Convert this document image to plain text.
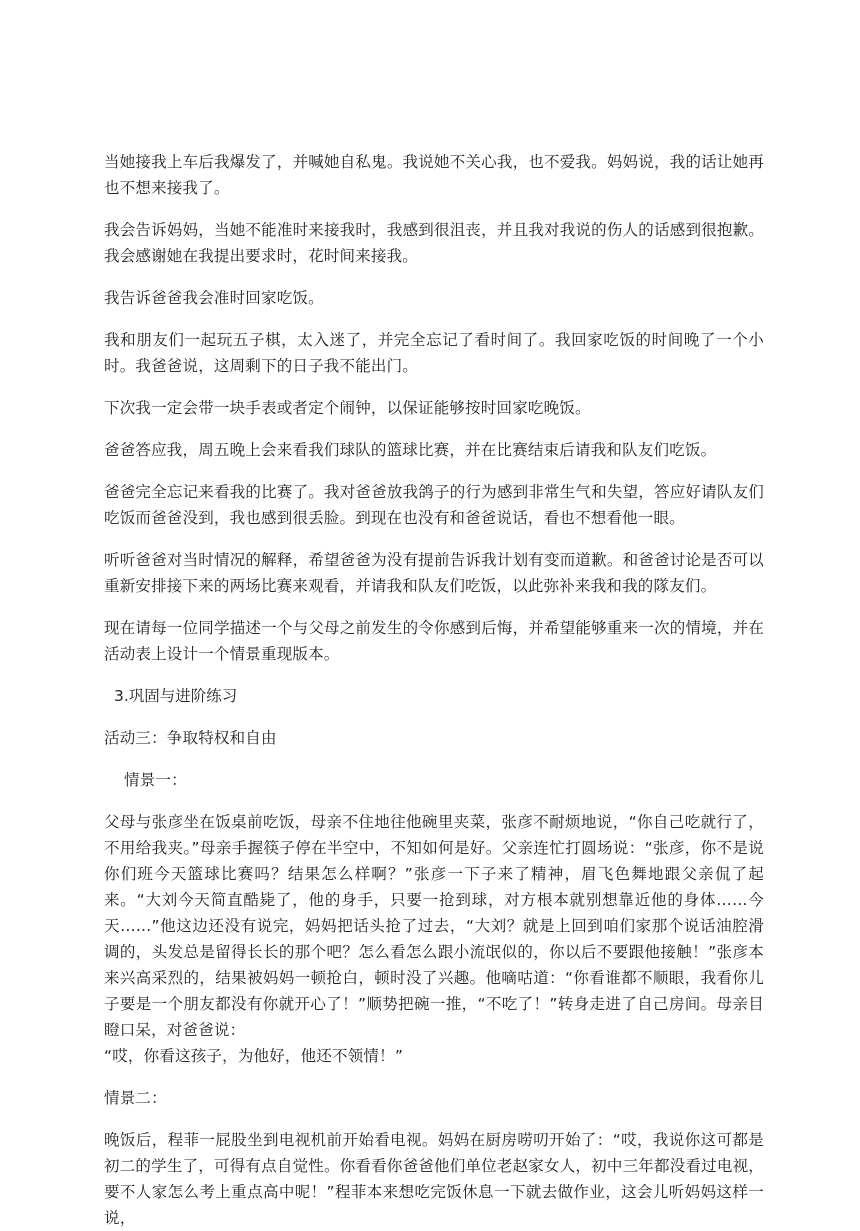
当她接我上车后我爆发了，并喊她自私鬼。我说她不关心我，也不爱我。妈妈说，我的话让她再也不想来接我了。

我会告诉妈妈，当她不能准时来接我时，我感到很沮丧，并且我对我说的伤人的话感到很抱歉。我会感谢她在我提出要求时，花时间来接我。

我告诉爸爸我会准时回家吃饭。

我和朋友们一起玩五子棋，太入迷了，并完全忘记了看时间了。我回家吃饭的时间晚了一个小时。我爸爸说，这周剩下的日子我不能出门。

下次我一定会带一块手表或者定个闹钟，以保证能够按时回家吃晚饭。

爸爸答应我，周五晚上会来看我们球队的篮球比赛，并在比赛结束后请我和队友们吃饭。

爸爸完全忘记来看我的比赛了。我对爸爸放我鸽子的行为感到非常生气和失望，答应好请队友们吃饭而爸爸没到，我也感到很丢脸。到现在也没有和爸爸说话，看也不想看他一眼。

听听爸爸对当时情况的解释，希望爸爸为没有提前告诉我计划有变而道歉。和爸爸讨论是否可以重新安排接下来的两场比赛来观看，并请我和队友们吃饭，以此弥补来我和我的隊友们。

现在请每一位同学描述一个与父母之前发生的令你感到后悔，并希望能够重来一次的情境，并在活动表上设计一个情景重现版本。

3.巩固与进阶练习

活动三：争取特权和自由

情景一：

父母与张彦坐在饭桌前吃饭，母亲不住地往他碗里夹菜，张彦不耐烦地说，“你自己吃就行了，不用给我夹。”母亲手握筷子停在半空中，不知如何是好。父亲连忙打圆场说：“张彦，你不是说你们班今天篮球比赛吗？结果怎么样啊？”张彦一下子来了精神，眉飞色舞地跟父亲侃了起来。“大刘今天简直酷毙了，他的身手，只要一抢到球，对方根本就别想靠近他的身体……今天……”他这边还没有说完，妈妈把话头抢了过去，“大刘？就是上回到咱们家那个说话油腔滑调的，头发总是留得长长的那个吧？怎么看怎么跟小流氓似的，你以后不要跟他接触！”张彦本来兴高采烈的，结果被妈妈一顿抢白，顿时没了兴趣。他嘀咕道：“你看谁都不顺眼，我看你儿子要是一个朋友都没有你就开心了！”顺势把碗一推，“不吃了！”转身走进了自己房间。母亲目瞪口呆，对爸爸说：

“哎，你看这孩子，为他好，他还不领情！”

情景二：

晚饭后，程菲一屁股坐到电视机前开始看电视。妈妈在厨房唠叨开始了：“哎，我说你这可都是初二的学生了，可得有点自觉性。你看看你爸爸他们单位老赵家女人，初中三年都没看过电视，要不人家怎么考上重点高中呢！”程菲本来想吃完饭休息一下就去做作业，这会儿听妈妈这样一说，
